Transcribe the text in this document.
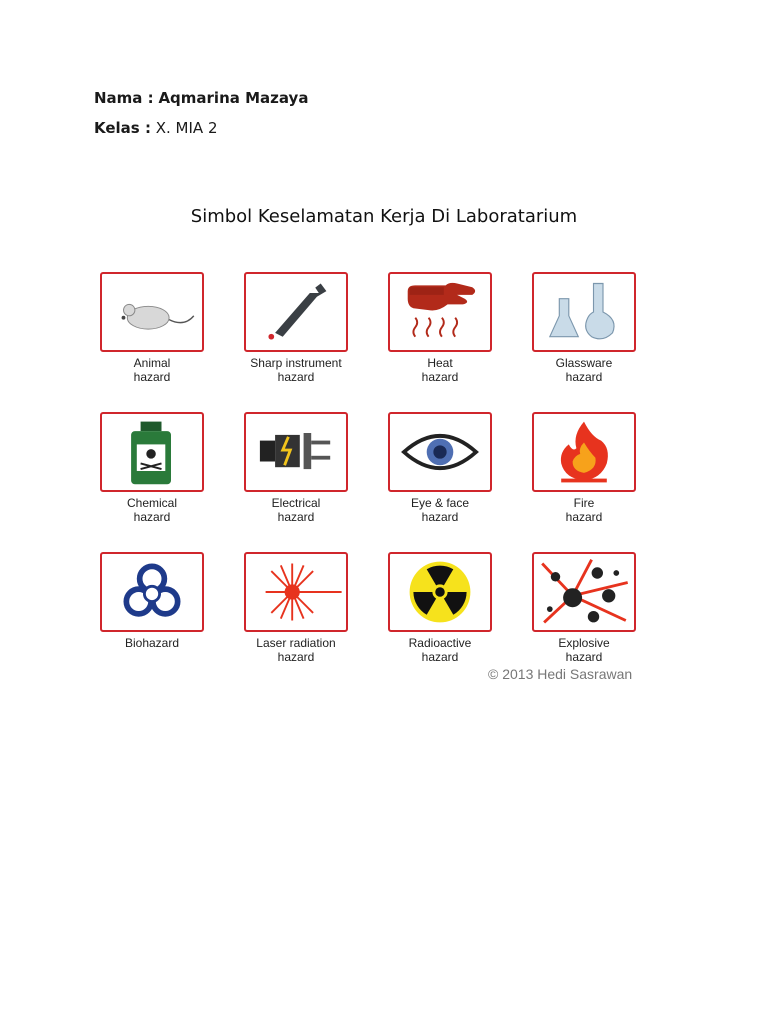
Nama : Aqmarina Mazaya
Kelas : X. MIA 2
Simbol Keselamatan Kerja Di Laboratarium
Animal
hazard
Sharp instrument
hazard
Heat
hazard
Glassware
hazard
Chemical
hazard
Electrical
hazard
Eye & face
hazard
Fire
hazard
Biohazard	Laser radiation
hazard
Radioactive
hazard
Explosive
hazard
© 2013 Hedi Sasrawan
